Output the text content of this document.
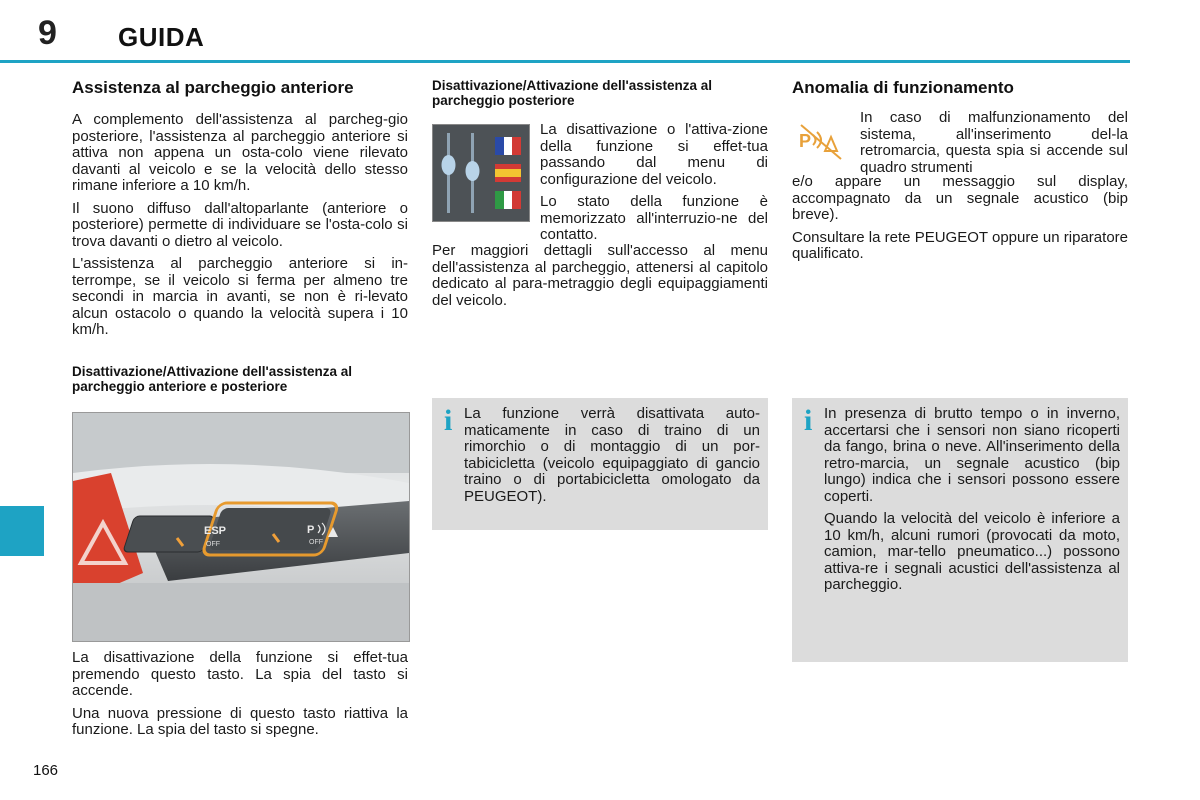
9 GUIDA
166
Assistenza al parcheggio anteriore

A complemento dell'assistenza al parcheg-gio posteriore, l'assistenza al parcheggio anteriore si attiva non appena un osta-colo viene rilevato davanti al veicolo e se la velocità dello stesso rimane inferiore a 10 km/h.

Il suono diffuso dall'altoparlante (anteriore o posteriore) permette di individuare se l'osta-colo si trova davanti o dietro al veicolo.

L'assistenza al parcheggio anteriore si in-terrompe, se il veicolo si ferma per almeno tre secondi in marcia in avanti, se non è ri-levato alcun ostacolo o quando la velocità supera i 10 km/h.

Disattivazione/Attivazione dell'assistenza al parcheggio anteriore e posteriore
ESP
OFF
P
OFF

La disattivazione della funzione si effet-tua premendo questo tasto. La spia del tasto si accende.

Una nuova pressione di questo tasto riattiva la funzione. La spia del tasto si spegne.

Disattivazione/Attivazione dell'assistenza al parcheggio posteriore

La disattivazione o l'attiva-zione della funzione si effet-tua passando dal menu di configurazione del veicolo.

Lo stato della funzione è memorizzato all'interruzio-ne del contatto.

Per maggiori dettagli sull'accesso al menu dell'assistenza al parcheggio, attenersi al capitolo dedicato al para-metraggio degli equipaggiamenti del veicolo.

i La funzione verrà disattivata auto-maticamente in caso di traino di un rimorchio o di montaggio di un por-tabicicletta (veicolo equipaggiato di gancio traino o di portabicicletta omologato da PEUGEOT).

Anomalia di funzionamento
P

In caso di malfunzionamento del sistema, all'inserimento del-la retromarcia, questa spia si accende sul quadro strumenti

e/o appare un messaggio sul display, accompagnato da un segnale acustico (bip breve).

Consultare la rete PEUGEOT oppure un riparatore qualificato.

i In presenza di brutto tempo o in inverno, accertarsi che i sensori non siano ricoperti da fango, brina o neve. All'inserimento della retro-marcia, un segnale acustico (bip lungo) indica che i sensori possono essere coperti.

Quando la velocità del veicolo è inferiore a 10 km/h, alcuni rumori (provocati da moto, camion, mar-tello pneumatico...) possono attiva-re i segnali acustici dell'assistenza al parcheggio.
